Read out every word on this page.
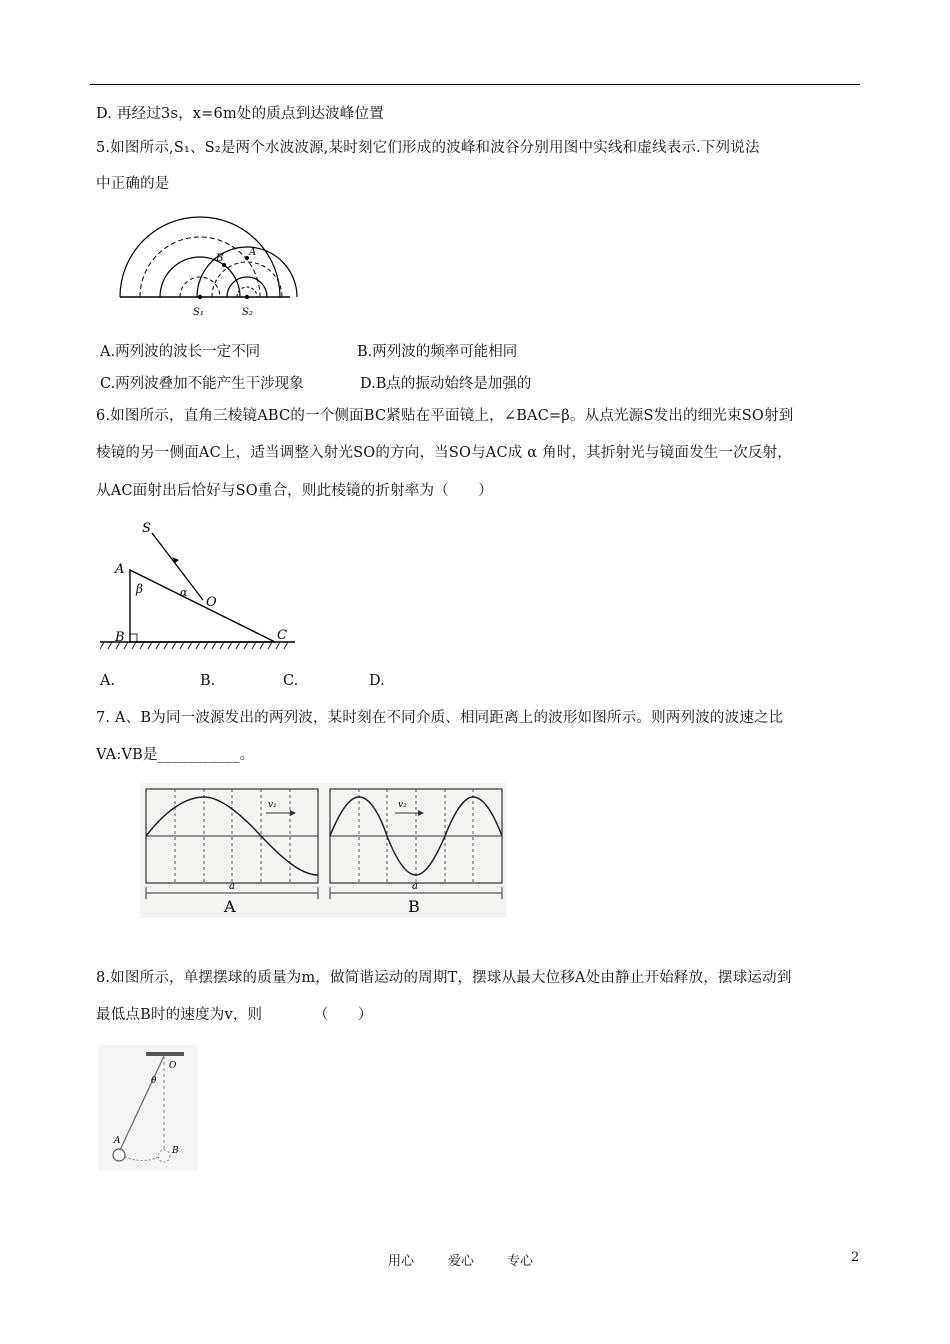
D. 再经过3s，x=6m处的质点到达波峰位置
5.如图所示,S₁、S₂是两个水波波源,某时刻它们形成的波峰和波谷分别用图中实线和虚线表示.下列说法
中正确的是
S₁	S₂
A
B
A.两列波的波长一定不同	B.两列波的频率可能相同
C.两列波叠加不能产生干涉现象	D.B点的振动始终是加强的
6.如图所示，直角三棱镜ABC的一个侧面BC紧贴在平面镜上，∠BAC=β。从点光源S发出的细光束SO射到
棱镜的另一侧面AC上，适当调整入射光SO的方向，当SO与AC成 α 角时，其折射光与镜面发生一次反射，
从AC面射出后恰好与SO重合，则此棱镜的折射率为（　　）
S
A
B	C
O
α
β
A.	B.	C.	D.
7. A、B为同一波源发出的两列波，某时刻在不同介质、相同距离上的波形如图所示。则两列波的波速之比
VA:VB是___________。
v₁
a
A
v₂
a
B
8.如图所示，单摆摆球的质量为m，做简谐运动的周期T，摆球从最大位移A处由静止开始释放，摆球运动到
最低点B时的速度为v，则　　　　（　　）
O
θ
A
B
用心	爱心	专心	2
